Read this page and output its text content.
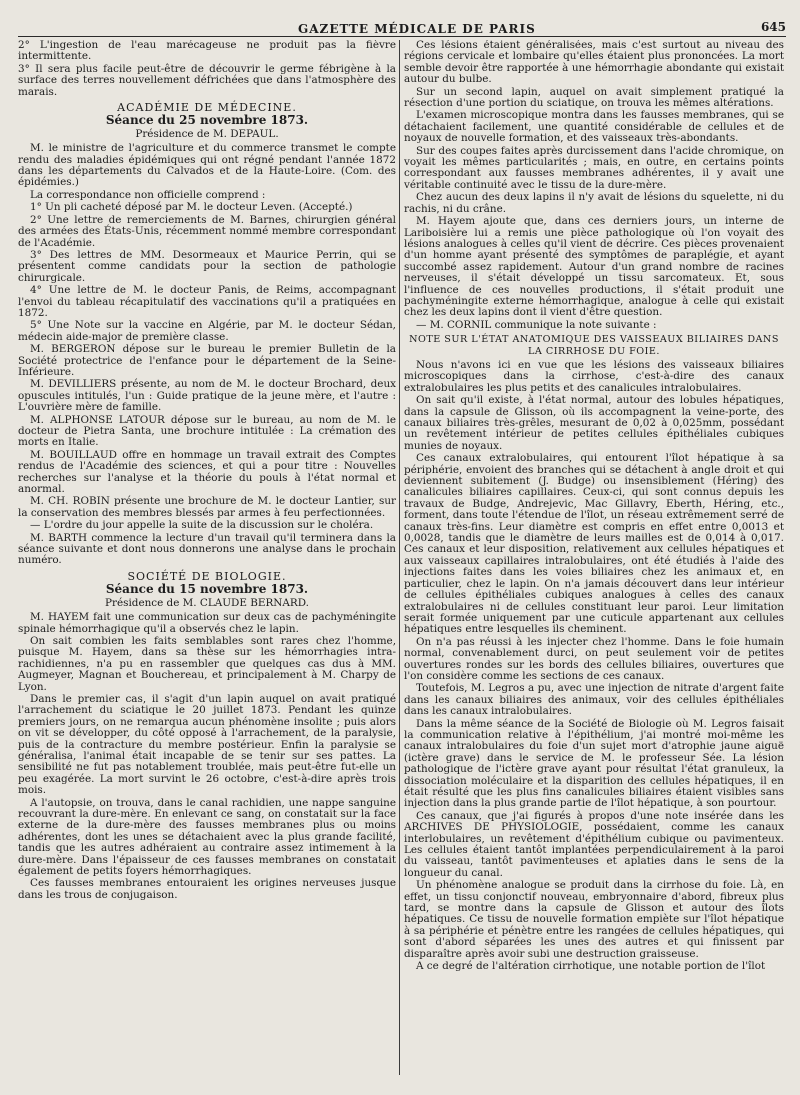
GAZETTE MÉDICALE DE PARIS	645

2° L'ingestion de l'eau marécageuse ne produit pas la fièvre intermittente.

3° Il sera plus facile peut-être de découvrir le germe fébrigène à la surface des terres nouvellement défrichées que dans l'atmosphère des marais.

ACADÉMIE DE MÉDECINE.
Séance du 25 novembre 1873.
Présidence de M. DEPAUL.

M. le ministre de l'agriculture et du commerce transmet le compte rendu des maladies épidémiques qui ont régné pendant l'année 1872 dans les départements du Calvados et de la Haute-Loire. (Com. des épidémies.)

La correspondance non officielle comprend :

1° Un pli cacheté déposé par M. le docteur Leven. (Accepté.)

2° Une lettre de remerciements de M. Barnes, chirurgien général des armées des États-Unis, récemment nommé membre correspondant de l'Académie.

3° Des lettres de MM. Desormeaux et Maurice Perrin, qui se présentent comme candidats pour la section de pathologie chirurgicale.

4° Une lettre de M. le docteur Panis, de Reims, accompagnant l'envoi du tableau récapitulatif des vaccinations qu'il a pratiquées en 1872.

5° Une Note sur la vaccine en Algérie, par M. le docteur Sédan, médecin aide-major de première classe.

M. BERGERON dépose sur le bureau le premier Bulletin de la Société protectrice de l'enfance pour le département de la Seine-Inférieure.

M. DEVILLIERS présente, au nom de M. le docteur Brochard, deux opuscules intitulés, l'un : Guide pratique de la jeune mère, et l'autre : L'ouvrière mère de famille.

M. ALPHONSE LATOUR dépose sur le bureau, au nom de M. le docteur de Pietra Santa, une brochure intitulée : La crémation des morts en Italie.

M. BOUILLAUD offre en hommage un travail extrait des Comptes rendus de l'Académie des sciences, et qui a pour titre : Nouvelles recherches sur l'analyse et la théorie du pouls à l'état normal et anormal.

M. CH. ROBIN présente une brochure de M. le docteur Lantier, sur la conservation des membres blessés par armes à feu perfectionnées.

— L'ordre du jour appelle la suite de la discussion sur le choléra.

M. BARTH commence la lecture d'un travail qu'il terminera dans la séance suivante et dont nous donnerons une analyse dans le prochain numéro.

SOCIÉTÉ DE BIOLOGIE.
Séance du 15 novembre 1873.
Présidence de M. CLAUDE BERNARD.

M. HAYEM fait une communication sur deux cas de pachyméningite spinale hémorrhagique qu'il a observés chez le lapin.

On sait combien les faits semblables sont rares chez l'homme, puisque M. Hayem, dans sa thèse sur les hémorrhagies intra-rachidiennes, n'a pu en rassembler que quelques cas dus à MM. Augmeyer, Magnan et Bouchereau, et principalement à M. Charpy de Lyon.

Dans le premier cas, il s'agit d'un lapin auquel on avait pratiqué l'arrachement du sciatique le 20 juillet 1873. Pendant les quinze premiers jours, on ne remarqua aucun phénomène insolite ; puis alors on vit se développer, du côté opposé à l'arrachement, de la paralysie, puis de la contracture du membre postérieur. Enfin la paralysie se généralisa, l'animal était incapable de se tenir sur ses pattes. La sensibilité ne fut pas notablement troublée, mais peut-être fut-elle un peu exagérée. La mort survint le 26 octobre, c'est-à-dire après trois mois.

A l'autopsie, on trouva, dans le canal rachidien, une nappe sanguine recouvrant la dure-mère. En enlevant ce sang, on constatait sur la face externe de la dure-mère des fausses membranes plus ou moins adhérentes, dont les unes se détachaient avec la plus grande facilité, tandis que les autres adhéraient au contraire assez intimement à la dure-mère. Dans l'épaisseur de ces fausses membranes on constatait également de petits foyers hémorrhagiques.

Ces fausses membranes entouraient les origines nerveuses jusque dans les trous de conjugaison.

Ces lésions étaient généralisées, mais c'est surtout au niveau des régions cervicale et lombaire qu'elles étaient plus prononcées. La mort semble devoir être rapportée à une hémorrhagie abondante qui existait autour du bulbe.

Sur un second lapin, auquel on avait simplement pratiqué la résection d'une portion du sciatique, on trouva les mêmes altérations.

L'examen microscopique montra dans les fausses membranes, qui se détachaient facilement, une quantité considérable de cellules et de noyaux de nouvelle formation, et des vaisseaux très-abondants.

Sur des coupes faites après durcissement dans l'acide chromique, on voyait les mêmes particularités ; mais, en outre, en certains points correspondant aux fausses membranes adhérentes, il y avait une véritable continuité avec le tissu de la dure-mère.

Chez aucun des deux lapins il n'y avait de lésions du squelette, ni du rachis, ni du crâne.

M. Hayem ajoute que, dans ces derniers jours, un interne de Lariboisière lui a remis une pièce pathologique où l'on voyait des lésions analogues à celles qu'il vient de décrire. Ces pièces provenaient d'un homme ayant présenté des symptômes de paraplégie, et ayant succombé assez rapidement. Autour d'un grand nombre de racines nerveuses, il s'était développé un tissu sarcomateux. Et, sous l'influence de ces nouvelles productions, il s'était produit une pachyméningite externe hémorrhagique, analogue à celle qui existait chez les deux lapins dont il vient d'être question.

— M. CORNIL communique la note suivante :

NOTE SUR L'ÉTAT ANATOMIQUE DES VAISSEAUX BILIAIRES DANS LA CIRRHOSE DU FOIE.

Nous n'avons ici en vue que les lésions des vaisseaux biliaires microscopiques dans la cirrhose, c'est-à-dire des canaux extralobulaires les plus petits et des canalicules intralobulaires.

On sait qu'il existe, à l'état normal, autour des lobules hépatiques, dans la capsule de Glisson, où ils accompagnent la veine-porte, des canaux biliaires très-grêles, mesurant de 0,02 à 0,025mm, possédant un revêtement intérieur de petites cellules épithéliales cubiques munies de noyaux.

Ces canaux extralobulaires, qui entourent l'îlot hépatique à sa périphérie, envoient des branches qui se détachent à angle droit et qui deviennent subitement (J. Budge) ou insensiblement (Héring) des canalicules biliaires capillaires. Ceux-ci, qui sont connus depuis les travaux de Budge, Andrejevic, Mac Gillavry, Eberth, Héring, etc., forment, dans toute l'étendue de l'îlot, un réseau extrêmement serré de canaux très-fins. Leur diamètre est compris en effet entre 0,0013 et 0,0028, tandis que le diamètre de leurs mailles est de 0,014 à 0,017. Ces canaux et leur disposition, relativement aux cellules hépatiques et aux vaisseaux capillaires intralobulaires, ont été étudiés à l'aide des injections faites dans les voies biliaires chez les animaux et, en particulier, chez le lapin. On n'a jamais découvert dans leur intérieur de cellules épithéliales cubiques analogues à celles des canaux extralobulaires ni de cellules constituant leur paroi. Leur limitation serait formée uniquement par une cuticule appartenant aux cellules hépatiques entre lesquelles ils cheminent.

On n'a pas réussi à les injecter chez l'homme. Dans le foie humain normal, convenablement durci, on peut seulement voir de petites ouvertures rondes sur les bords des cellules biliaires, ouvertures que l'on considère comme les sections de ces canaux.

Toutefois, M. Legros a pu, avec une injection de nitrate d'argent faite dans les canaux biliaires des animaux, voir des cellules épithéliales dans les canaux intralobulaires.

Dans la même séance de la Société de Biologie où M. Legros faisait la communication relative à l'épithélium, j'ai montré moi-même les canaux intralobulaires du foie d'un sujet mort d'atrophie jaune aiguë (ictère grave) dans le service de M. le professeur Sée. La lésion pathologique de l'ictère grave ayant pour résultat l'état granuleux, la dissociation moléculaire et la disparition des cellules hépatiques, il en était résulté que les plus fins canalicules biliaires étaient visibles sans injection dans la plus grande partie de l'îlot hépatique, à son pourtour.

Ces canaux, que j'ai figurés à propos d'une note insérée dans les ARCHIVES DE PHYSIOLOGIE, possédaient, comme les canaux interlobulaires, un revêtement d'épithélium cubique ou pavimenteux. Les cellules étaient tantôt implantées perpendiculairement à la paroi du vaisseau, tantôt pavimenteuses et aplaties dans le sens de la longueur du canal.

Un phénomène analogue se produit dans la cirrhose du foie. Là, en effet, un tissu conjonctif nouveau, embryonnaire d'abord, fibreux plus tard, se montre dans la capsule de Glisson et autour des îlots hépatiques. Ce tissu de nouvelle formation empiète sur l'îlot hépatique à sa périphérie et pénètre entre les rangées de cellules hépatiques, qui sont d'abord séparées les unes des autres et qui finissent par disparaître après avoir subi une destruction graisseuse.

A ce degré de l'altération cirrhotique, une notable portion de l'îlot
